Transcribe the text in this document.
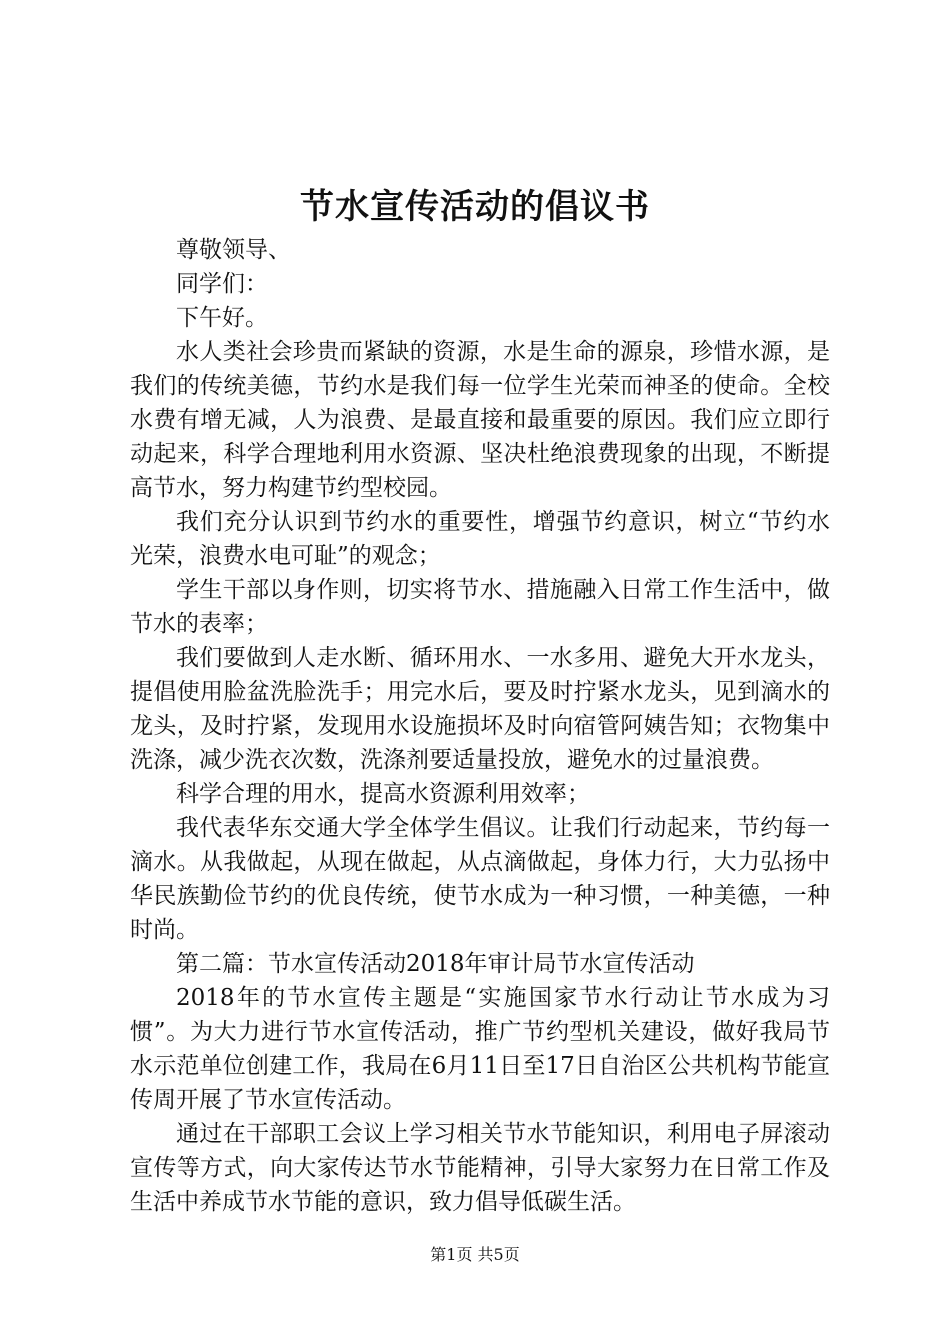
节水宣传活动的倡议书

尊敬领导、

同学们：

下午好。

水人类社会珍贵而紧缺的资源，水是生命的源泉，珍惜水源，是我们的传统美德，节约水是我们每一位学生光荣而神圣的使命。全校水费有增无减，人为浪费、是最直接和最重要的原因。我们应立即行动起来，科学合理地利用水资源、坚决杜绝浪费现象的出现，不断提高节水，努力构建节约型校园。

我们充分认识到节约水的重要性，增强节约意识，树立“节约水光荣，浪费水电可耻”的观念；

学生干部以身作则，切实将节水、措施融入日常工作生活中，做节水的表率；

我们要做到人走水断、循环用水、一水多用、避免大开水龙头，提倡使用脸盆洗脸洗手；用完水后，要及时拧紧水龙头，见到滴水的龙头，及时拧紧，发现用水设施损坏及时向宿管阿姨告知；衣物集中洗涤，减少洗衣次数，洗涤剂要适量投放，避免水的过量浪费。

科学合理的用水，提高水资源利用效率；

我代表华东交通大学全体学生倡议。让我们行动起来，节约每一滴水。从我做起，从现在做起，从点滴做起，身体力行，大力弘扬中华民族勤俭节约的优良传统，使节水成为一种习惯，一种美德，一种时尚。

第二篇：节水宣传活动2018年审计局节水宣传活动

2018年的节水宣传主题是“实施国家节水行动让节水成为习惯”。为大力进行节水宣传活动，推广节约型机关建设，做好我局节水示范单位创建工作，我局在6月11日至17日自治区公共机构节能宣传周开展了节水宣传活动。

通过在干部职工会议上学习相关节水节能知识，利用电子屏滚动宣传等方式，向大家传达节水节能精神，引导大家努力在日常工作及生活中养成节水节能的意识，致力倡导低碳生活。

第1页 共5页
